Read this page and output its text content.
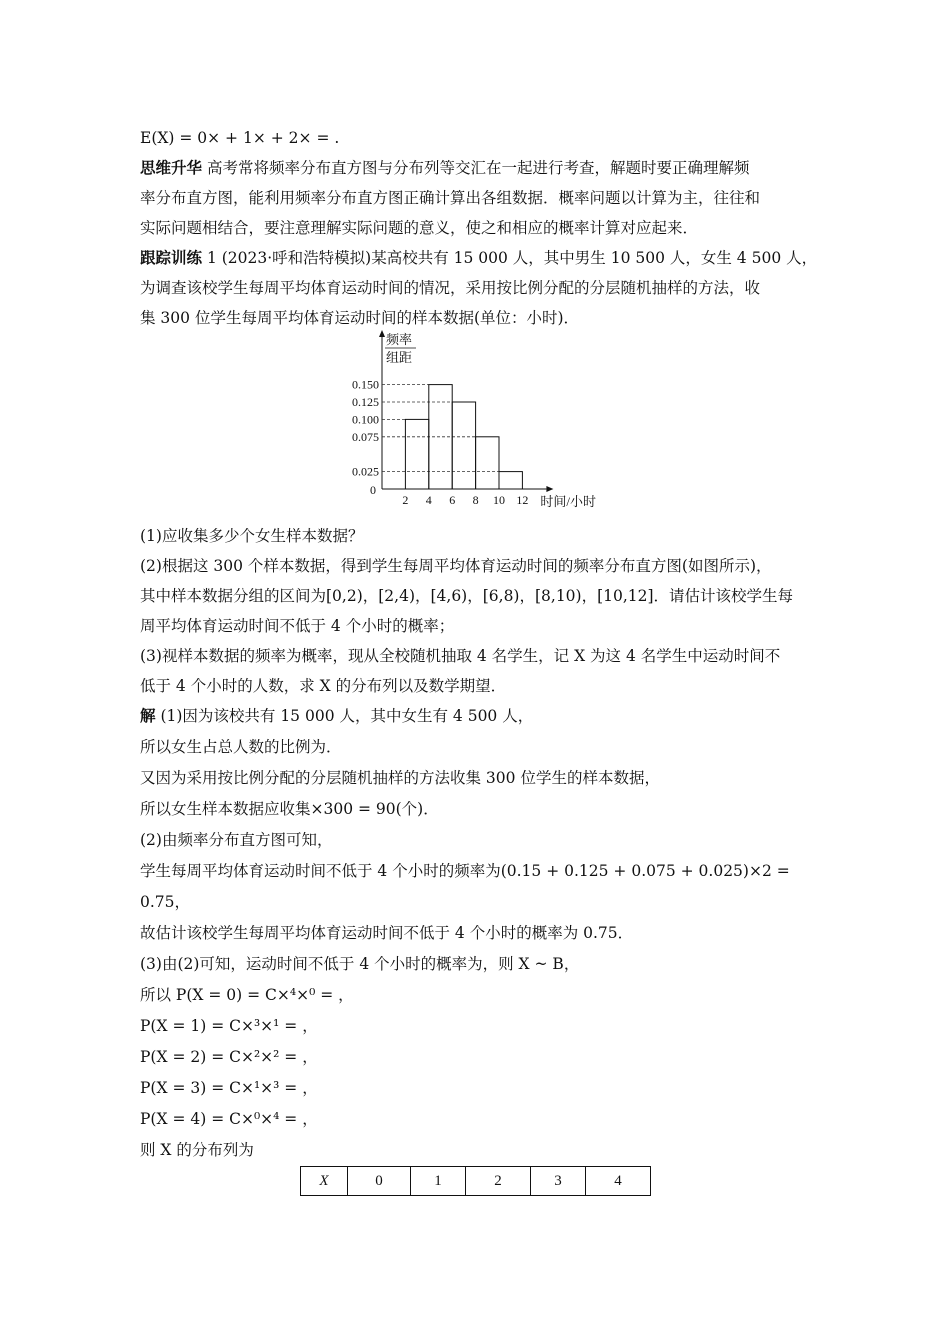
E(X) = 0× + 1× + 2× = .
思维升华 高考常将频率分布直方图与分布列等交汇在一起进行考查，解题时要正确理解频
率分布直方图，能利用频率分布直方图正确计算出各组数据．概率问题以计算为主，往往和
实际问题相结合，要注意理解实际问题的意义，使之和相应的概率计算对应起来．
跟踪训练 1 (2023·呼和浩特模拟)某高校共有 15 000 人，其中男生 10 500 人，女生 4 500 人，
为调查该校学生每周平均体育运动时间的情况，采用按比例分配的分层随机抽样的方法，收
集 300 位学生每周平均体育运动时间的样本数据(单位：小时)．
频率
组距
0.025
0.075
0.100
0.125
0.150
2 4 6 8 10 12
0
时间/小时
(1)应收集多少个女生样本数据？
(2)根据这 300 个样本数据，得到学生每周平均体育运动时间的频率分布直方图(如图所示)，
其中样本数据分组的区间为[0,2)，[2,4)，[4,6)，[6,8)，[8,10)，[10,12]．请估计该校学生每
周平均体育运动时间不低于 4 个小时的概率；
(3)视样本数据的频率为概率，现从全校随机抽取 4 名学生，记 X 为这 4 名学生中运动时间不
低于 4 个小时的人数，求 X 的分布列以及数学期望．
解 (1)因为该校共有 15 000 人，其中女生有 4 500 人，
所以女生占总人数的比例为．
又因为采用按比例分配的分层随机抽样的方法收集 300 位学生的样本数据，
所以女生样本数据应收集×300 = 90(个)．
(2)由频率分布直方图可知，
学生每周平均体育运动时间不低于 4 个小时的频率为(0.15 + 0.125 + 0.075 + 0.025)×2 =
0.75，
故估计该校学生每周平均体育运动时间不低于 4 个小时的概率为 0.75．
(3)由(2)可知，运动时间不低于 4 个小时的概率为，则 X ~ B，
所以 P(X = 0) = C×⁴×⁰ = ，
P(X = 1) = C×³×¹ = ，
P(X = 2) = C×²×² = ，
P(X = 3) = C×¹×³ = ，
P(X = 4) = C×⁰×⁴ = ，
则 X 的分布列为
X	0	1	2	3	4
